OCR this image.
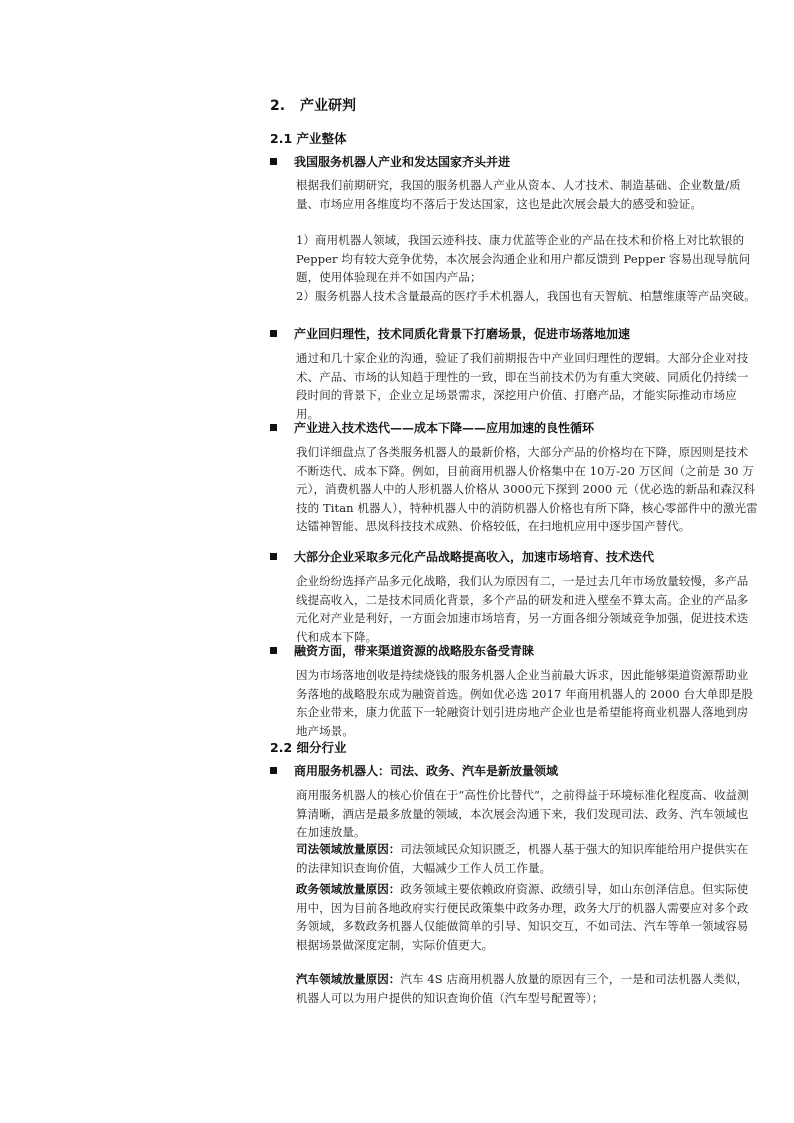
2. 产业研判
2.1 产业整体
我国服务机器人产业和发达国家齐头并进

根据我们前期研究，我国的服务机器人产业从资本、人才技术、制造基础、企业数量/质量、市场应用各维度均不落后于发达国家，这也是此次展会最大的感受和验证。

1）商用机器人领域，我国云迹科技、康力优蓝等企业的产品在技术和价格上对比软银的 Pepper 均有较大竞争优势，本次展会沟通企业和用户都反馈到 Pepper 容易出现导航问题，使用体验现在并不如国内产品；

2）服务机器人技术含量最高的医疗手术机器人，我国也有天智航、柏慧维康等产品突破。

产业回归理性，技术同质化背景下打磨场景，促进市场落地加速

通过和几十家企业的沟通，验证了我们前期报告中产业回归理性的逻辑。大部分企业对技术、产品、市场的认知趋于理性的一致，即在当前技术仍为有重大突破、同质化仍持续一段时间的背景下，企业立足场景需求，深挖用户价值、打磨产品，才能实际推动市场应用。

产业进入技术迭代——成本下降——应用加速的良性循环

我们详细盘点了各类服务机器人的最新价格，大部分产品的价格均在下降，原因则是技术不断迭代、成本下降。例如，目前商用机器人价格集中在 10万-20 万区间（之前是 30 万元），消费机器人中的人形机器人价格从 3000元下探到 2000 元（优必选的新品和森汉科技的 Titan 机器人），特种机器人中的消防机器人价格也有所下降，核心零部件中的激光雷达镭神智能、思岚科技技术成熟、价格较低，在扫地机应用中逐步国产替代。

大部分企业采取多元化产品战略提高收入，加速市场培育、技术迭代

企业纷纷选择产品多元化战略，我们认为原因有二，一是过去几年市场放量较慢，多产品线提高收入，二是技术同质化背景，多个产品的研发和进入壁垒不算太高。企业的产品多元化对产业是利好，一方面会加速市场培育，另一方面各细分领域竞争加强，促进技术迭代和成本下降。

融资方面，带来渠道资源的战略股东备受青睐

因为市场落地创收是持续烧钱的服务机器人企业当前最大诉求，因此能够渠道资源帮助业务落地的战略股东成为融资首选。例如优必选 2017 年商用机器人的 2000 台大单即是股东企业带来，康力优蓝下一轮融资计划引进房地产企业也是希望能将商业机器人落地到房地产场景。

2.2 细分行业
商用服务机器人：司法、政务、汽车是新放量领域

商用服务机器人的核心价值在于“高性价比替代”，之前得益于环境标准化程度高、收益测算清晰，酒店是最多放量的领域，本次展会沟通下来，我们发现司法、政务、汽车领域也在加速放量。

司法领域放量原因：司法领域民众知识匮乏，机器人基于强大的知识库能给用户提供实在的法律知识查询价值，大幅减少工作人员工作量。

政务领域放量原因：政务领域主要依赖政府资源、政绩引导，如山东创泽信息。但实际使用中，因为目前各地政府实行便民政策集中政务办理，政务大厅的机器人需要应对多个政务领域，多数政务机器人仅能做简单的引导、知识交互，不如司法、汽车等单一领域容易根据场景做深度定制，实际价值更大。

汽车领域放量原因：汽车 4S 店商用机器人放量的原因有三个，一是和司法机器人类似，机器人可以为用户提供的知识查询价值（汽车型号配置等）；
